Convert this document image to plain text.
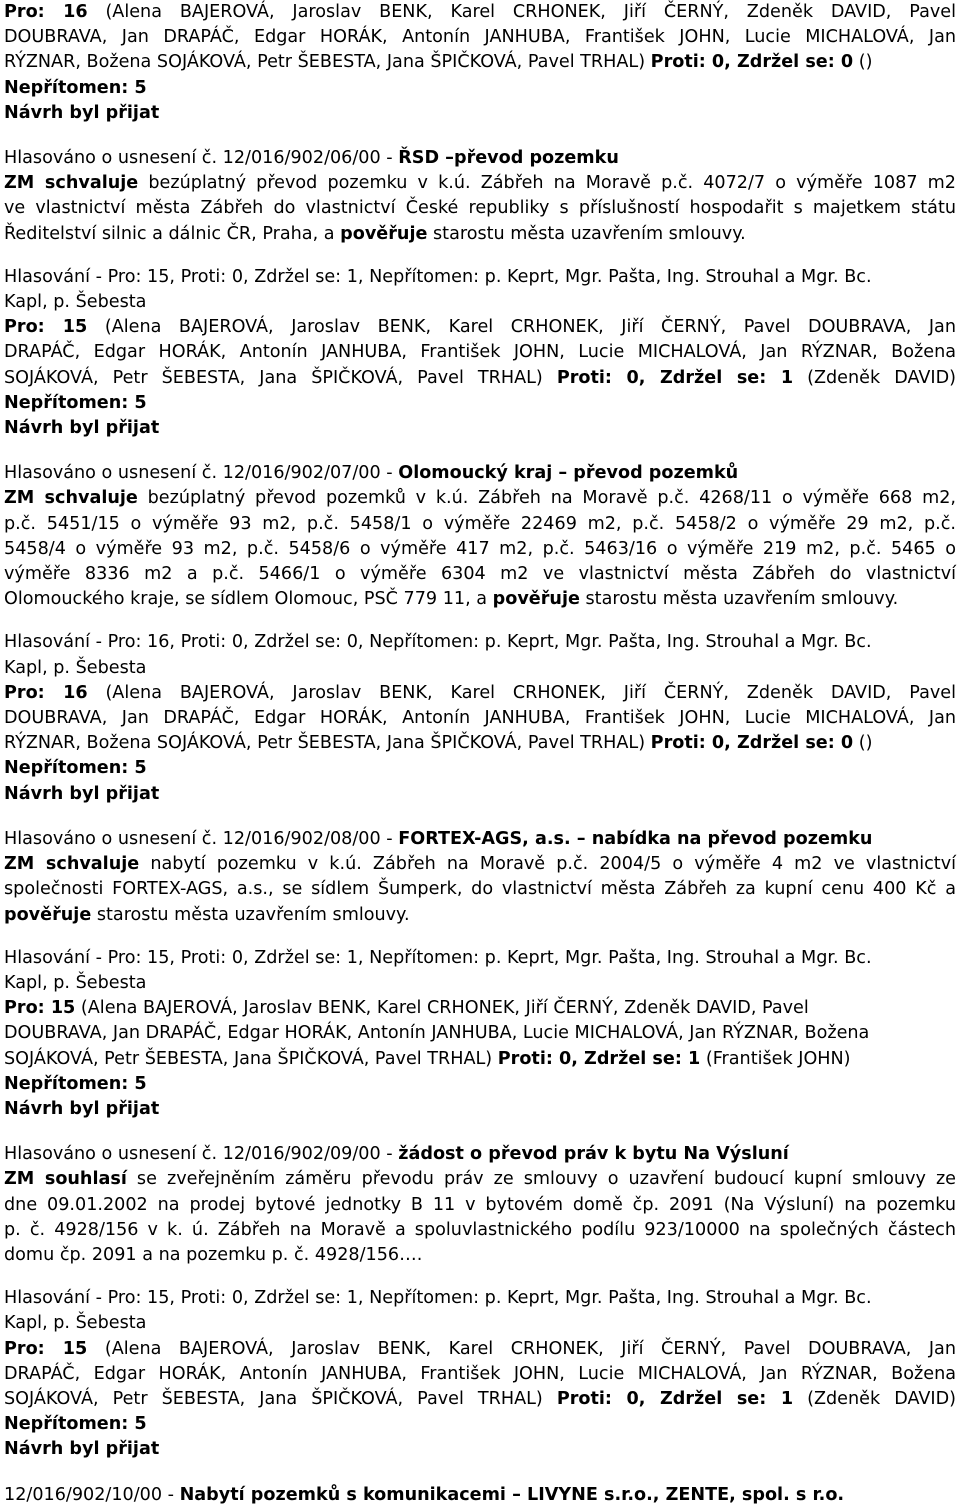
Pro: 16 (Alena BAJEROVÁ, Jaroslav BENK, Karel CRHONEK, Jiří ČERNÝ, Zdeněk DAVID, Pavel
DOUBRAVA, Jan DRAPÁČ, Edgar HORÁK, Antonín JANHUBA, František JOHN, Lucie MICHALOVÁ, Jan
RÝZNAR, Božena SOJÁKOVÁ, Petr ŠEBESTA, Jana ŠPIČKOVÁ, Pavel TRHAL) Proti: 0, Zdržel se: 0 ()
Nepřítomen: 5
Návrh byl přijat
Hlasováno o usnesení č. 12/016/902/06/00 - ŘSD –převod pozemku
ZM schvaluje bezúplatný převod pozemku v k.ú. Zábřeh na Moravě p.č. 4072/7 o výměře 1087 m2
ve vlastnictví města Zábřeh do vlastnictví České republiky s příslušností hospodařit s majetkem státu
Ředitelství silnic a dálnic ČR, Praha, a pověřuje starostu města uzavřením smlouvy.
Hlasování - Pro: 15, Proti: 0, Zdržel se: 1, Nepřítomen: p. Keprt, Mgr. Pašta, Ing. Strouhal a Mgr. Bc.
Kapl, p. Šebesta
Pro: 15 (Alena BAJEROVÁ, Jaroslav BENK, Karel CRHONEK, Jiří ČERNÝ, Pavel DOUBRAVA, Jan
DRAPÁČ, Edgar HORÁK, Antonín JANHUBA, František JOHN, Lucie MICHALOVÁ, Jan RÝZNAR, Božena
SOJÁKOVÁ, Petr ŠEBESTA, Jana ŠPIČKOVÁ, Pavel TRHAL) Proti: 0, Zdržel se: 1 (Zdeněk DAVID)
Nepřítomen: 5
Návrh byl přijat
Hlasováno o usnesení č. 12/016/902/07/00 - Olomoucký kraj – převod pozemků
ZM schvaluje bezúplatný převod pozemků v k.ú. Zábřeh na Moravě p.č. 4268/11 o výměře 668 m2,
p.č. 5451/15 o výměře 93 m2, p.č. 5458/1 o výměře 22469 m2, p.č. 5458/2 o výměře 29 m2, p.č.
5458/4 o výměře 93 m2, p.č. 5458/6 o výměře 417 m2, p.č. 5463/16 o výměře 219 m2, p.č. 5465 o
výměře 8336 m2 a p.č. 5466/1 o výměře 6304 m2 ve vlastnictví města Zábřeh do vlastnictví
Olomouckého kraje, se sídlem Olomouc, PSČ 779 11, a pověřuje starostu města uzavřením smlouvy.
Hlasování - Pro: 16, Proti: 0, Zdržel se: 0, Nepřítomen: p. Keprt, Mgr. Pašta, Ing. Strouhal a Mgr. Bc.
Kapl, p. Šebesta
Pro: 16 (Alena BAJEROVÁ, Jaroslav BENK, Karel CRHONEK, Jiří ČERNÝ, Zdeněk DAVID, Pavel
DOUBRAVA, Jan DRAPÁČ, Edgar HORÁK, Antonín JANHUBA, František JOHN, Lucie MICHALOVÁ, Jan
RÝZNAR, Božena SOJÁKOVÁ, Petr ŠEBESTA, Jana ŠPIČKOVÁ, Pavel TRHAL) Proti: 0, Zdržel se: 0 ()
Nepřítomen: 5
Návrh byl přijat
Hlasováno o usnesení č. 12/016/902/08/00 - FORTEX-AGS, a.s. – nabídka na převod pozemku
ZM schvaluje nabytí pozemku v k.ú. Zábřeh na Moravě p.č. 2004/5 o výměře 4 m2 ve vlastnictví
společnosti FORTEX-AGS, a.s., se sídlem Šumperk, do vlastnictví města Zábřeh za kupní cenu 400 Kč a
pověřuje starostu města uzavřením smlouvy.
Hlasování - Pro: 15, Proti: 0, Zdržel se: 1, Nepřítomen: p. Keprt, Mgr. Pašta, Ing. Strouhal a Mgr. Bc.
Kapl, p. Šebesta
Pro: 15 (Alena BAJEROVÁ, Jaroslav BENK, Karel CRHONEK, Jiří ČERNÝ, Zdeněk DAVID, Pavel
DOUBRAVA, Jan DRAPÁČ, Edgar HORÁK, Antonín JANHUBA, Lucie MICHALOVÁ, Jan RÝZNAR, Božena
SOJÁKOVÁ, Petr ŠEBESTA, Jana ŠPIČKOVÁ, Pavel TRHAL) Proti: 0, Zdržel se: 1 (František JOHN)
Nepřítomen: 5
Návrh byl přijat
Hlasováno o usnesení č. 12/016/902/09/00 - žádost o převod práv k bytu Na Výsluní
ZM souhlasí se zveřejněním záměru převodu práv ze smlouvy o uzavření budoucí kupní smlouvy ze
dne 09.01.2002 na prodej bytové jednotky B 11 v bytovém domě čp. 2091 (Na Výsluní) na pozemku
p. č. 4928/156 v k. ú. Zábřeh na Moravě a spoluvlastnického podílu 923/10000 na společných částech
domu čp. 2091 a na pozemku p. č. 4928/156….
Hlasování - Pro: 15, Proti: 0, Zdržel se: 1, Nepřítomen: p. Keprt, Mgr. Pašta, Ing. Strouhal a Mgr. Bc.
Kapl, p. Šebesta
Pro: 15 (Alena BAJEROVÁ, Jaroslav BENK, Karel CRHONEK, Jiří ČERNÝ, Pavel DOUBRAVA, Jan
DRAPÁČ, Edgar HORÁK, Antonín JANHUBA, František JOHN, Lucie MICHALOVÁ, Jan RÝZNAR, Božena
SOJÁKOVÁ, Petr ŠEBESTA, Jana ŠPIČKOVÁ, Pavel TRHAL) Proti: 0, Zdržel se: 1 (Zdeněk DAVID)
Nepřítomen: 5
Návrh byl přijat
12/016/902/10/00 - Nabytí pozemků s komunikacemi – LIVYNE s.r.o., ZENTE, spol. s r.o.
